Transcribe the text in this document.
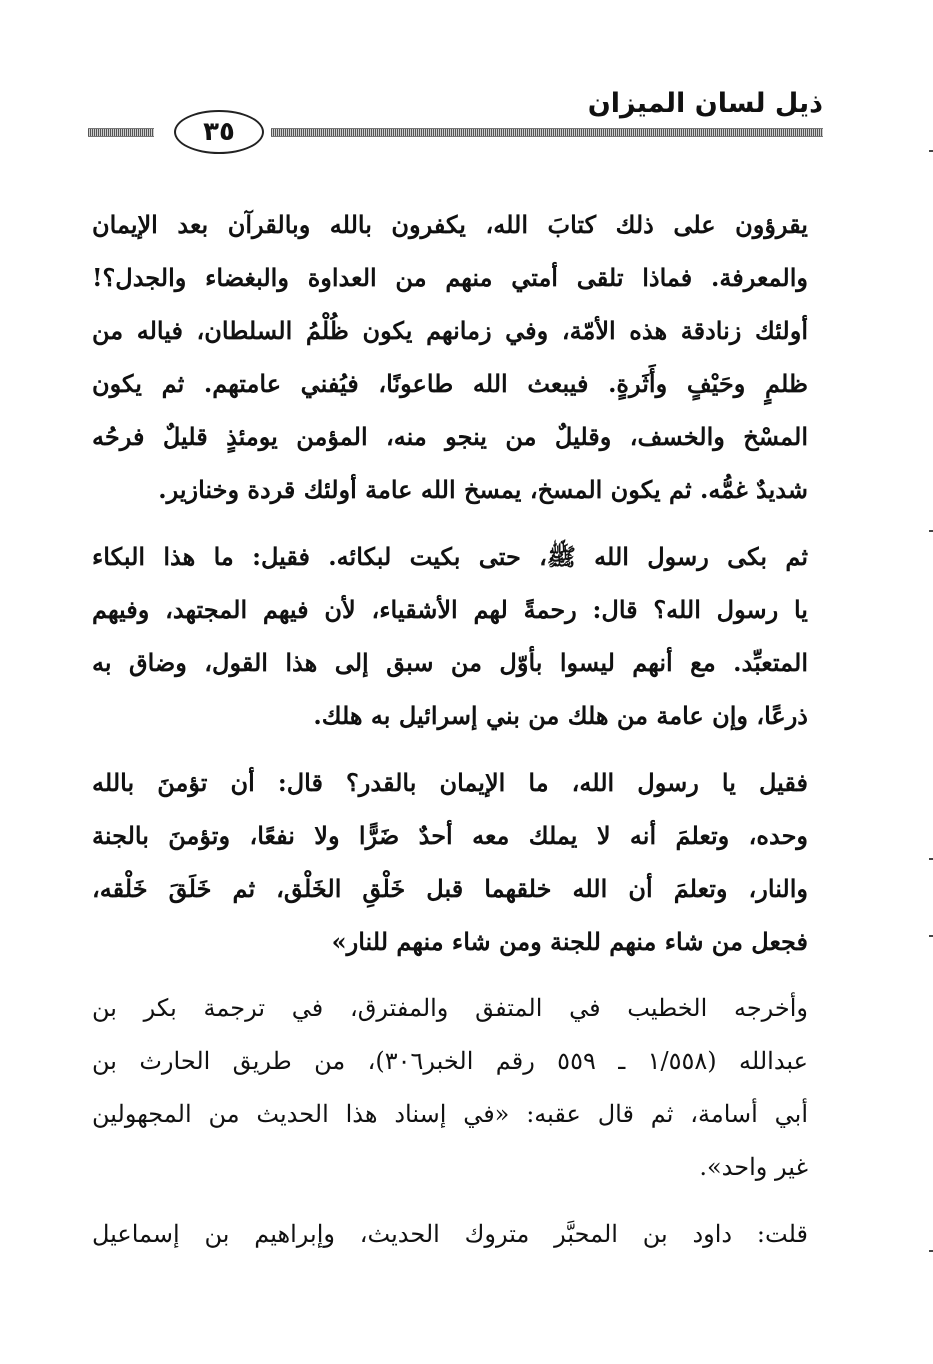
ذيل لسان الميزان
٣٥
يقرؤون على ذلك كتابَ الله، يكفرون بالله وبالقرآن بعد الإيمان
والمعرفة. فماذا تلقى أمتي منهم من العداوة والبغضاء والجدل؟!
أولئك زنادقة هذه الأمّة، وفي زمانهم يكون ظُلْمُ السلطان، فياله من
ظلمٍ وحَيْفٍ وأَثَرةٍ. فيبعث الله طاعونًا، فيُفني عامتهم. ثم يكون
المسْخ والخسف، وقليلٌ من ينجو منه، المؤمن يومئذٍ قليلٌ فرحُه
شديدٌ غمُّه. ثم يكون المسخ، يمسخ الله عامة أولئك قردة وخنازير.
ثم بكى رسول الله ﷺ، حتى بكيت لبكائه. فقيل: ما هذا البكاء
يا رسول الله؟ قال: رحمةً لهم الأشقياء، لأن فيهم المجتهد، وفيهم
المتعبِّد. مع أنهم ليسوا بأوّل من سبق إلى هذا القول، وضاق به
ذرعًا، وإن عامة من هلك من بني إسرائيل به هلك.
فقيل يا رسول الله، ما الإيمان بالقدر؟ قال: أن تؤمنَ بالله
وحده، وتعلمَ أنه لا يملك معه أحدٌ ضَرًّا ولا نفعًا، وتؤمنَ بالجنة
والنار، وتعلمَ أن الله خلقهما قبل خَلْقِ الخَلْق، ثم خَلَقَ خَلْقه،
فجعل من شاء منهم للجنة ومن شاء منهم للنار»
وأخرجه الخطيب في المتفق والمفترق، في ترجمة بكر بن
عبدالله (١/٥٥٨ ـ ٥٥٩ رقم الخبر٣٠٦)، من طريق الحارث بن
أبي أسامة، ثم قال عقبه: «في إسناد هذا الحديث من المجهولين
غير واحد».
قلت: داود بن المحبَّر متروك الحديث، وإبراهيم بن إسماعيل
